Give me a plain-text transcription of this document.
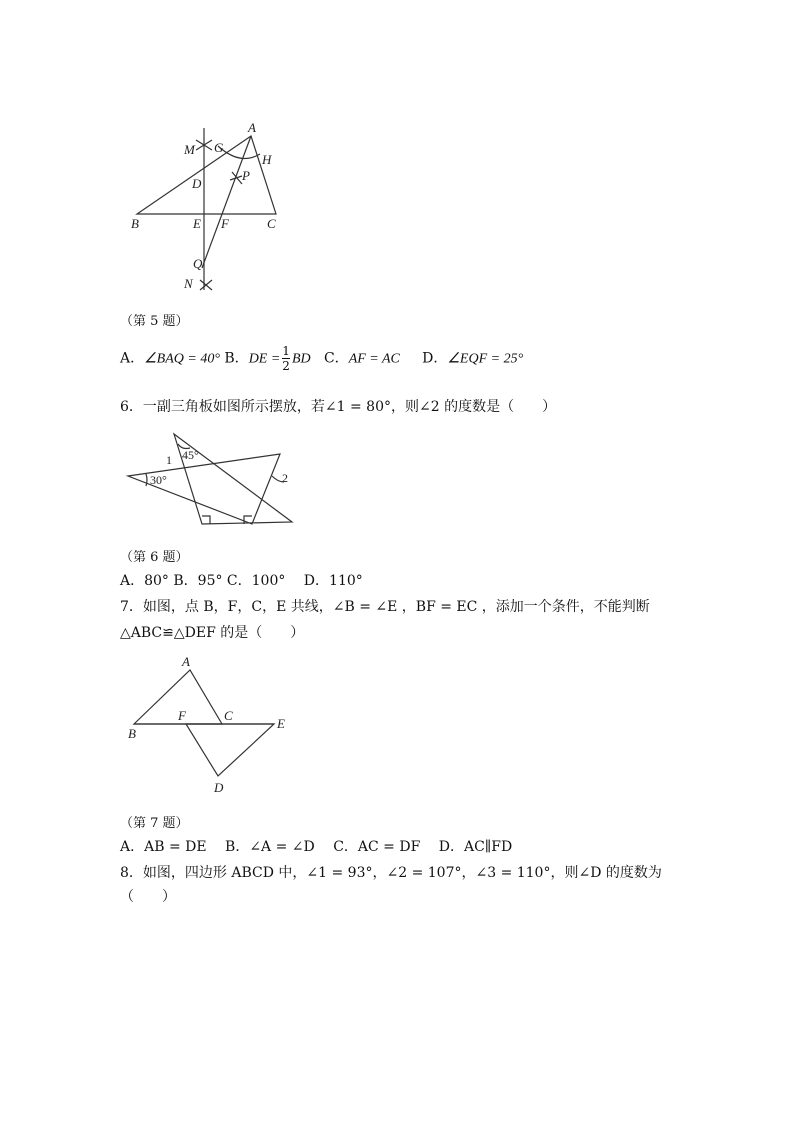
A
M G
H
D
P
B	E F	C
Q
N
（第 5 题）
A．∠BAQ = 40° B．DE = $\frac{1}{2}$ BD C．AF = AC D．∠EQF = 25°
6．一副三角板如图所示摆放，若∠1 = 80°，则∠2 的度数是（　　）
45°
30°
1
2
（第 6 题）
A．80° B．95° C．100°　 D．110°
7．如图，点 B，F，C，E 共线，∠B = ∠E ，BF = EC ，添加一个条件，不能判断
△ABC≌△DEF 的是（　　）
A
F	C
B
E
D
（第 7 题）
A．AB = DE　 B．∠A = ∠D　 C．AC = DF　 D．AC∥FD
8．如图，四边形 ABCD 中，∠1 = 93°，∠2 = 107°，∠3 = 110°，则∠D 的度数为
（　　）
